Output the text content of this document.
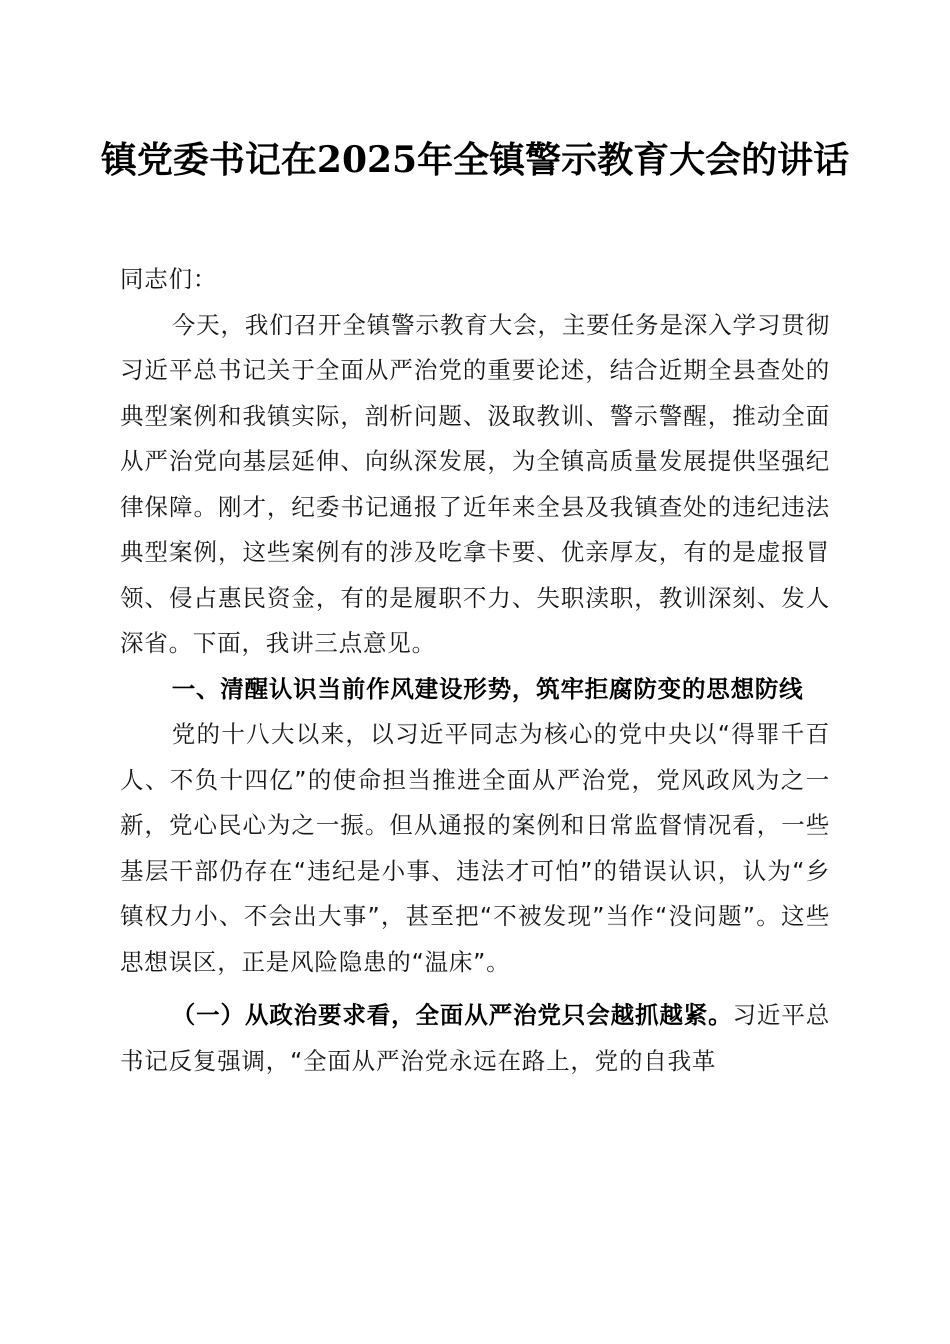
镇党委书记在2025年全镇警示教育大会的讲话

同志们：

今天，我们召开全镇警示教育大会，主要任务是深入学习贯彻习近平总书记关于全面从严治党的重要论述，结合近期全县查处的典型案例和我镇实际，剖析问题、汲取教训、警示警醒，推动全面从严治党向基层延伸、向纵深发展，为全镇高质量发展提供坚强纪律保障。刚才，纪委书记通报了近年来全县及我镇查处的违纪违法典型案例，这些案例有的涉及吃拿卡要、优亲厚友，有的是虚报冒领、侵占惠民资金，有的是履职不力、失职渎职，教训深刻、发人深省。下面，我讲三点意见。

一、清醒认识当前作风建设形势，筑牢拒腐防变的思想防线

党的十八大以来，以习近平同志为核心的党中央以“得罪千百人、不负十四亿”的使命担当推进全面从严治党，党风政风为之一新，党心民心为之一振。但从通报的案例和日常监督情况看，一些基层干部仍存在“违纪是小事、违法才可怕”的错误认识，认为“乡镇权力小、不会出大事”，甚至把“不被发现”当作“没问题”。这些思想误区，正是风险隐患的“温床”。

（一）从政治要求看，全面从严治党只会越抓越紧。习近平总书记反复强调，“全面从严治党永远在路上，党的自我革
